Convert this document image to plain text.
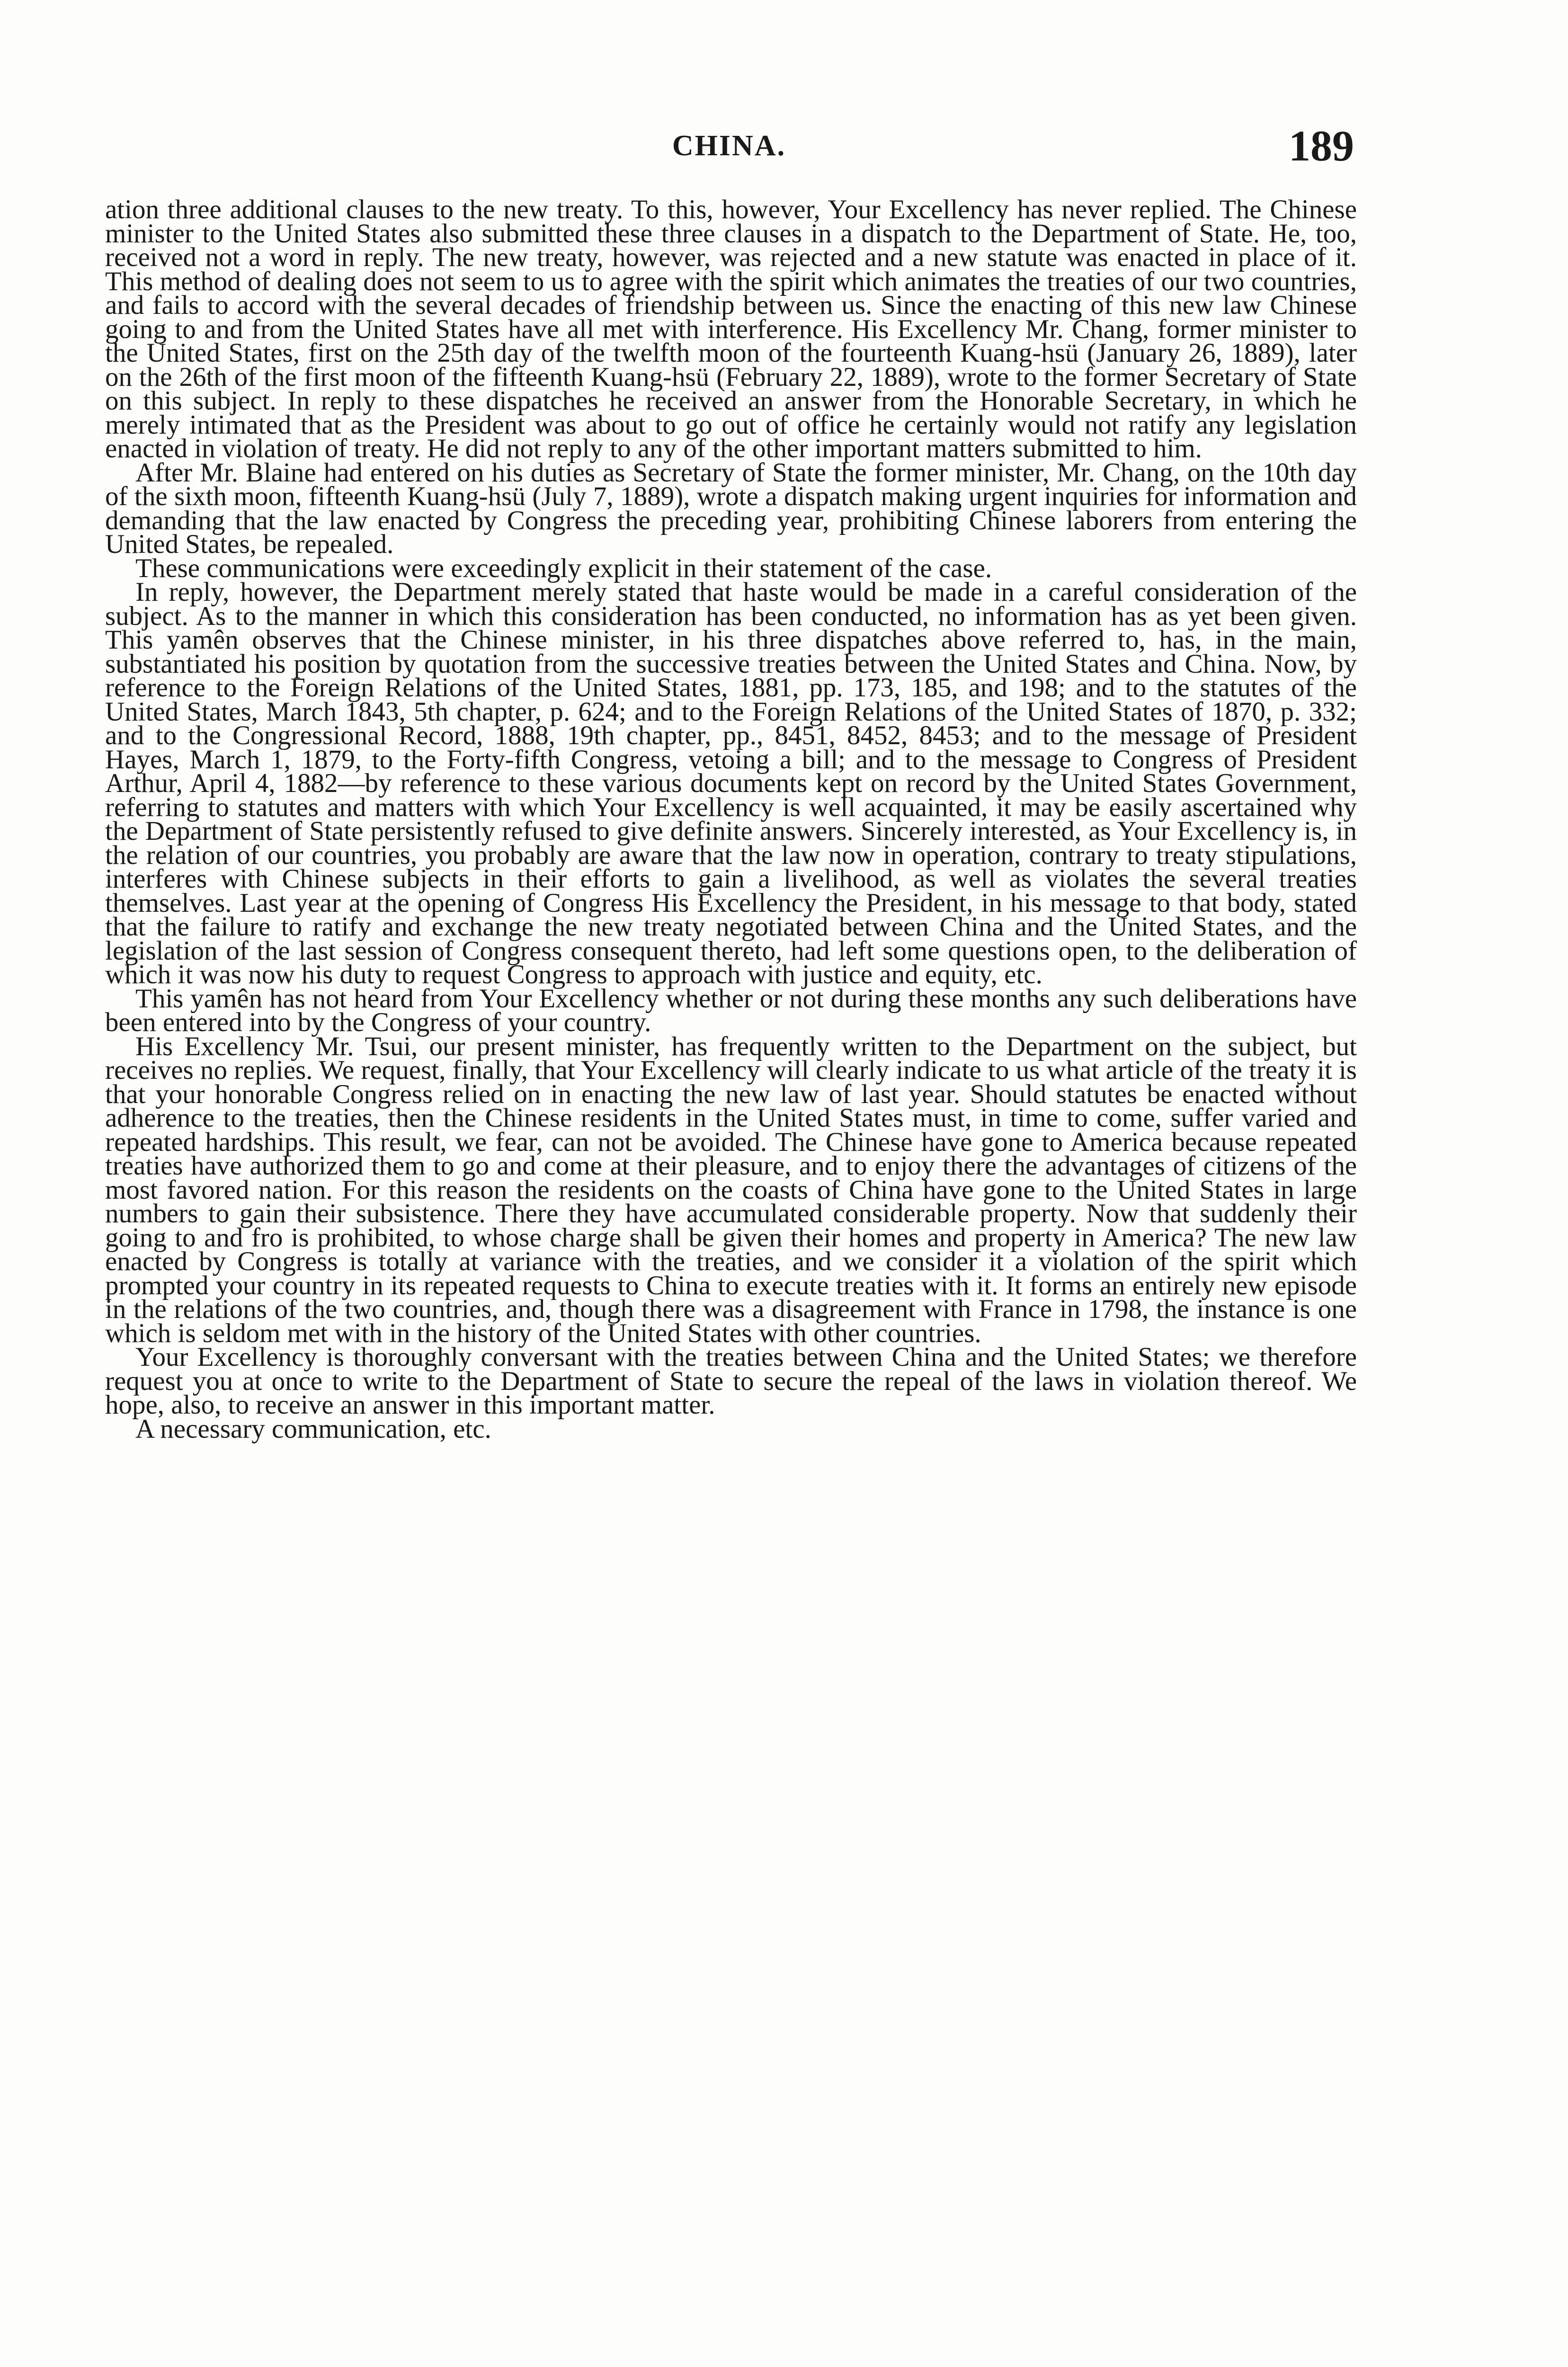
CHINA.	189

ation three additional clauses to the new treaty. To this, however, Your Excellency has never replied. The Chinese minister to the United States also submitted these three clauses in a dispatch to the Department of State. He, too, received not a word in reply. The new treaty, however, was rejected and a new statute was enacted in place of it. This method of dealing does not seem to us to agree with the spirit which animates the treaties of our two countries, and fails to accord with the several decades of friendship between us. Since the enacting of this new law Chinese going to and from the United States have all met with interference. His Excellency Mr. Chang, former minister to the United States, first on the 25th day of the twelfth moon of the fourteenth Kuang-hsü (January 26, 1889), later on the 26th of the first moon of the fifteenth Kuang-hsü (February 22, 1889), wrote to the former Secretary of State on this subject. In reply to these dispatches he received an answer from the Honorable Secretary, in which he merely intimated that as the President was about to go out of office he certainly would not ratify any legislation enacted in violation of treaty. He did not reply to any of the other important matters submitted to him.

After Mr. Blaine had entered on his duties as Secretary of State the former minister, Mr. Chang, on the 10th day of the sixth moon, fifteenth Kuang-hsü (July 7, 1889), wrote a dispatch making urgent inquiries for information and demanding that the law enacted by Congress the preceding year, prohibiting Chinese laborers from entering the United States, be repealed.

These communications were exceedingly explicit in their statement of the case.

In reply, however, the Department merely stated that haste would be made in a careful consideration of the subject. As to the manner in which this consideration has been conducted, no information has as yet been given. This yamên observes that the Chinese minister, in his three dispatches above referred to, has, in the main, substantiated his position by quotation from the successive treaties between the United States and China. Now, by reference to the Foreign Relations of the United States, 1881, pp. 173, 185, and 198; and to the statutes of the United States, March 1843, 5th chapter, p. 624; and to the Foreign Relations of the United States of 1870, p. 332; and to the Congressional Record, 1888, 19th chapter, pp., 8451, 8452, 8453; and to the message of President Hayes, March 1, 1879, to the Forty-fifth Congress, vetoing a bill; and to the message to Congress of President Arthur, April 4, 1882—by reference to these various documents kept on record by the United States Government, referring to statutes and matters with which Your Excellency is well acquainted, it may be easily ascertained why the Department of State persistently refused to give definite answers. Sincerely interested, as Your Excellency is, in the relation of our countries, you probably are aware that the law now in operation, contrary to treaty stipulations, interferes with Chinese subjects in their efforts to gain a livelihood, as well as violates the several treaties themselves. Last year at the opening of Congress His Excellency the President, in his message to that body, stated that the failure to ratify and exchange the new treaty negotiated between China and the United States, and the legislation of the last session of Congress consequent thereto, had left some questions open, to the deliberation of which it was now his duty to request Congress to approach with justice and equity, etc.

This yamên has not heard from Your Excellency whether or not during these months any such deliberations have been entered into by the Congress of your country.

His Excellency Mr. Tsui, our present minister, has frequently written to the Department on the subject, but receives no replies. We request, finally, that Your Excellency will clearly indicate to us what article of the treaty it is that your honorable Congress relied on in enacting the new law of last year. Should statutes be enacted without adherence to the treaties, then the Chinese residents in the United States must, in time to come, suffer varied and repeated hardships. This result, we fear, can not be avoided. The Chinese have gone to America because repeated treaties have authorized them to go and come at their pleasure, and to enjoy there the advantages of citizens of the most favored nation. For this reason the residents on the coasts of China have gone to the United States in large numbers to gain their subsistence. There they have accumulated considerable property. Now that suddenly their going to and fro is prohibited, to whose charge shall be given their homes and property in America? The new law enacted by Congress is totally at variance with the treaties, and we consider it a violation of the spirit which prompted your country in its repeated requests to China to execute treaties with it. It forms an entirely new episode in the relations of the two countries, and, though there was a disagreement with France in 1798, the instance is one which is seldom met with in the history of the United States with other countries.

Your Excellency is thoroughly conversant with the treaties between China and the United States; we therefore request you at once to write to the Department of State to secure the repeal of the laws in violation thereof. We hope, also, to receive an answer in this important matter.

A necessary communication, etc.
